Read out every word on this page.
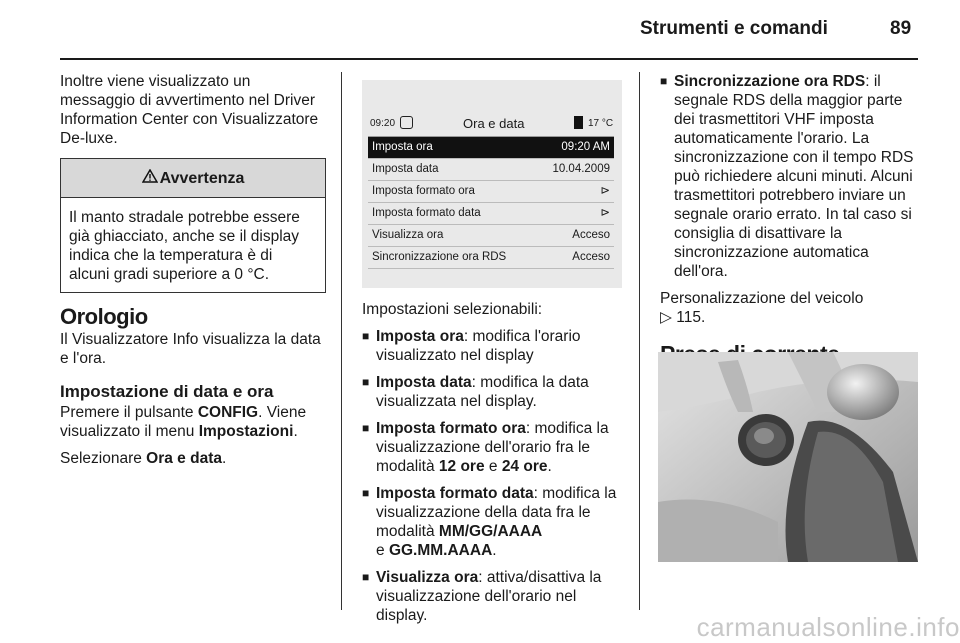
Strumenti e comandi	89

Inoltre viene visualizzato un messaggio di avvertimento nel Driver Information Center con Visualizzatore De-luxe.

Avvertenza
Il manto stradale potrebbe essere già ghiacciato, anche se il display indica che la temperatura è di alcuni gradi superiore a 0 °C.
Orologio

Il Visualizzatore Info visualizza la data e l'ora.

Impostazione di data e ora

Premere il pulsante CONFIG. Viene visualizzato il menu Impostazioni.

Selezionare Ora e data.

09:20	Ora e data	17 °C
Imposta ora	09:20 AM
Imposta data	10.04.2009
Imposta formato ora	⊳
Imposta formato data	⊳
Visualizza ora	Acceso
Sincronizzazione ora RDS	Acceso

Impostazioni selezionabili:

■ Imposta ora: modifica l'orario visualizzato nel display
■ Imposta data: modifica la data visualizzata nel display.
■ Imposta formato ora: modifica la visualizzazione dell'orario fra le modalità 12 ore e 24 ore.
■ Imposta formato data: modifica la visualizzazione della data fra le modalità MM/GG/AAAA
e GG.MM.AAAA.
■ Visualizza ora: attiva/disattiva la visualizzazione dell'orario nel display.
■ Sincronizzazione ora RDS: il segnale RDS della maggior parte dei trasmettitori VHF imposta automaticamente l'orario. La sincronizzazione con il tempo RDS può richiedere alcuni minuti. Alcuni trasmettitori potrebbero inviare un segnale orario errato. In tal caso si consiglia di disattivare la sincronizzazione automatica dell'ora.

Personalizzazione del veicolo
▷ 115.

carmanualsonline.info
